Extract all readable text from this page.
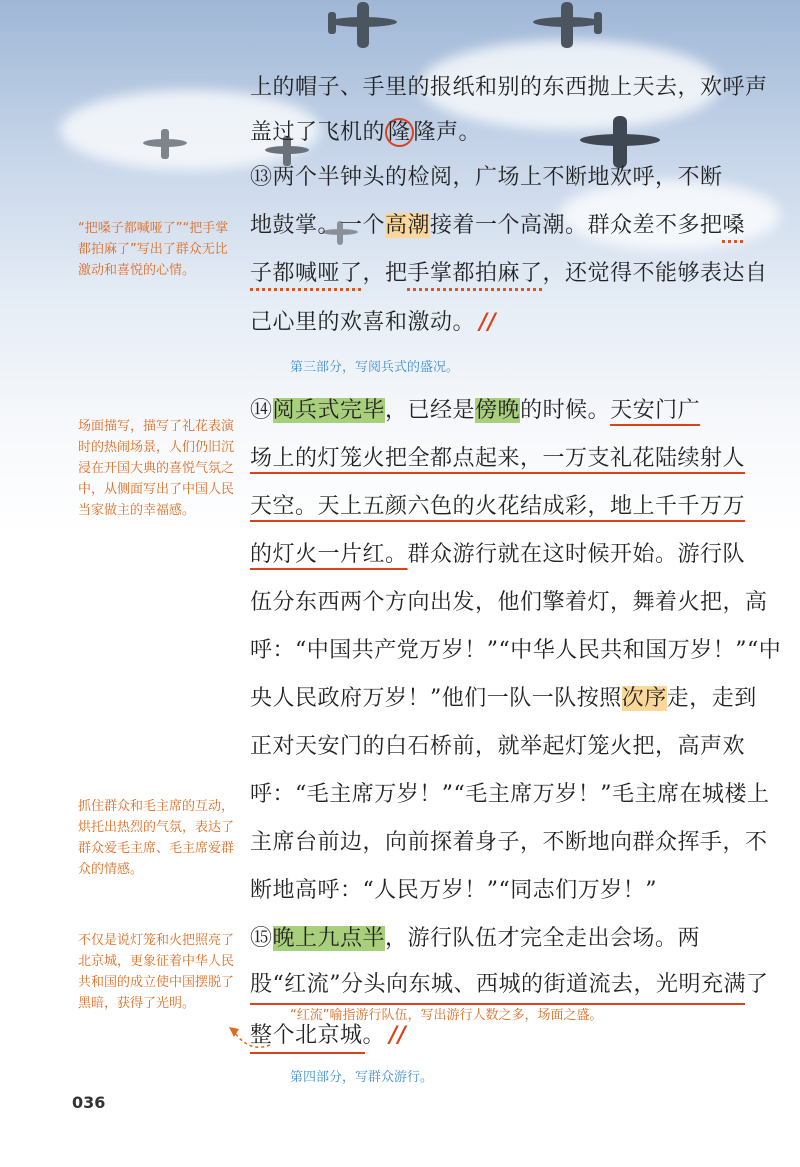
上的帽子、手里的报纸和别的东西抛上天去，欢呼声
盖过了飞机的 隆 隆声。
⑬两个半钟头的检阅，广场上不断地欢呼，不断
地鼓掌。一个高潮接着一个高潮。群众差不多把嗓
子都喊哑了，把手掌都拍麻了，还觉得不能够表达自
己心里的欢喜和激动。 //
第三部分，写阅兵式的盛况。
⑭阅兵式完毕，已经是傍晚的时候。天安门广
场上的灯笼火把全都点起来，一万支礼花陆续射人
天空。天上五颜六色的火花结成彩，地上千千万万
的灯火一片红。群众游行就在这时候开始。游行队
伍分东西两个方向出发，他们擎着灯，舞着火把，高
呼：“中国共产党万岁！”“中华人民共和国万岁！”“中
央人民政府万岁！”他们一队一队按照次序走，走到
正对天安门的白石桥前，就举起灯笼火把，高声欢
呼：“毛主席万岁！”“毛主席万岁！”毛主席在城楼上
主席台前边，向前探着身子，不断地向群众挥手，不
断地高呼：“人民万岁！”“同志们万岁！”
⑮晚上九点半，游行队伍才完全走出会场。两
股“红流”分头向东城、西城的街道流去，光明充满了
“红流”喻指游行队伍，写出游行人数之多，场面之盛。
整个北京城。 //
第四部分，写群众游行。
“把嗓子都喊哑了”“把手掌都拍麻了”写出了群众无比激动和喜悦的心情。
场面描写，描写了礼花表演时的热闹场景，人们仍旧沉浸在开国大典的喜悦气氛之中，从侧面写出了中国人民当家做主的幸福感。
抓住群众和毛主席的互动，烘托出热烈的气氛，表达了群众爱毛主席、毛主席爱群众的情感。
不仅是说灯笼和火把照亮了北京城，更象征着中华人民共和国的成立使中国摆脱了黑暗，获得了光明。
036
